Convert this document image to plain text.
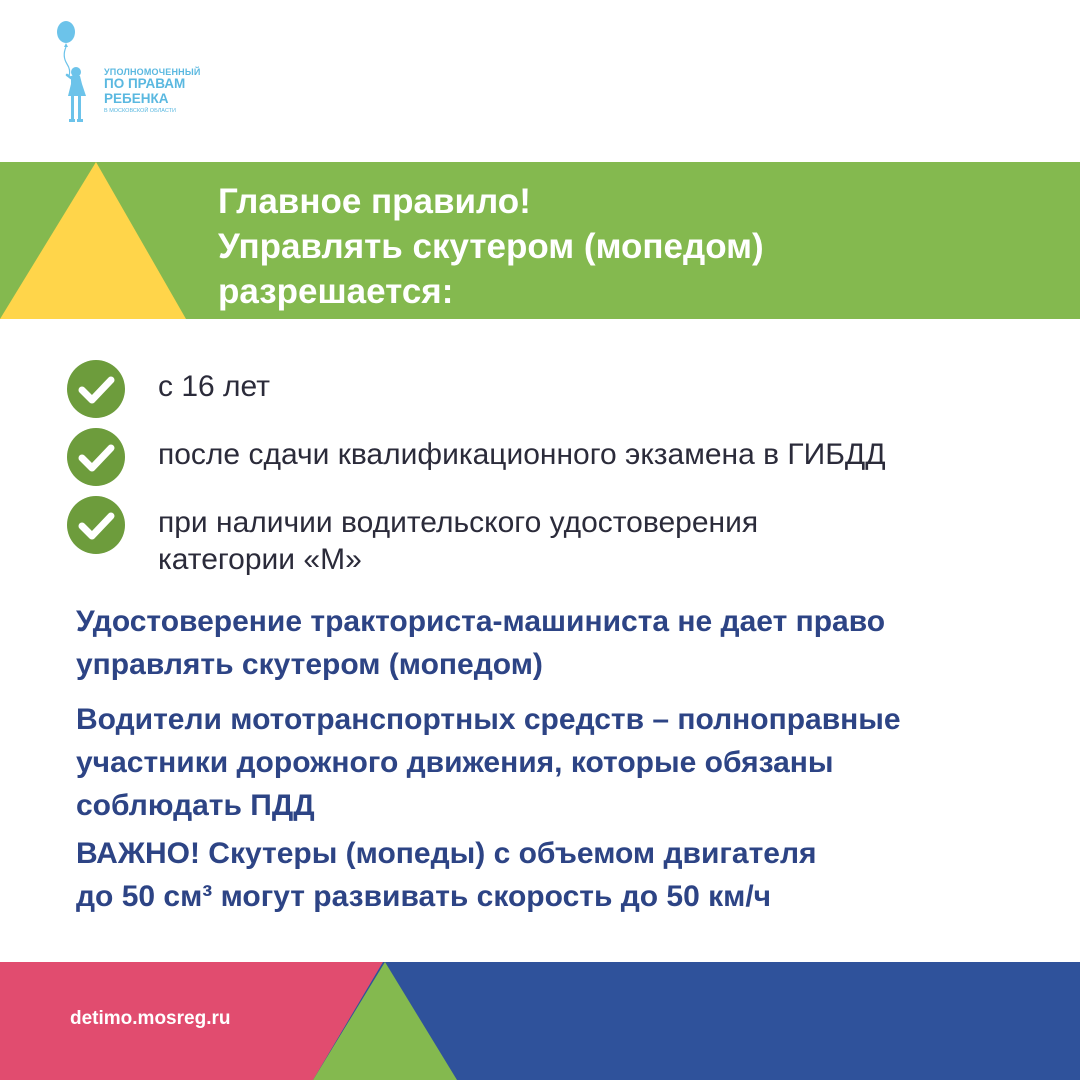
УПОЛНОМОЧЕННЫЙ
ПО ПРАВАМ
РЕБЕНКА
В МОСКОВСКОЙ ОБЛАСТИ
Главное правило!
Управлять скутером (мопедом)
разрешается:
с 16 лет
после сдачи квалификационного экзамена в ГИБДД
при наличии водительского удостоверения
категории «М»

Удостоверение тракториста-машиниста не дает право
управлять скутером (мопедом)

Водители мототранспортных средств – полноправные
участники дорожного движения, которые обязаны
соблюдать ПДД

ВАЖНО! Скутеры (мопеды) с объемом двигателя
до 50 см³ могут развивать скорость до 50 км/ч

detimo.mosreg.ru
